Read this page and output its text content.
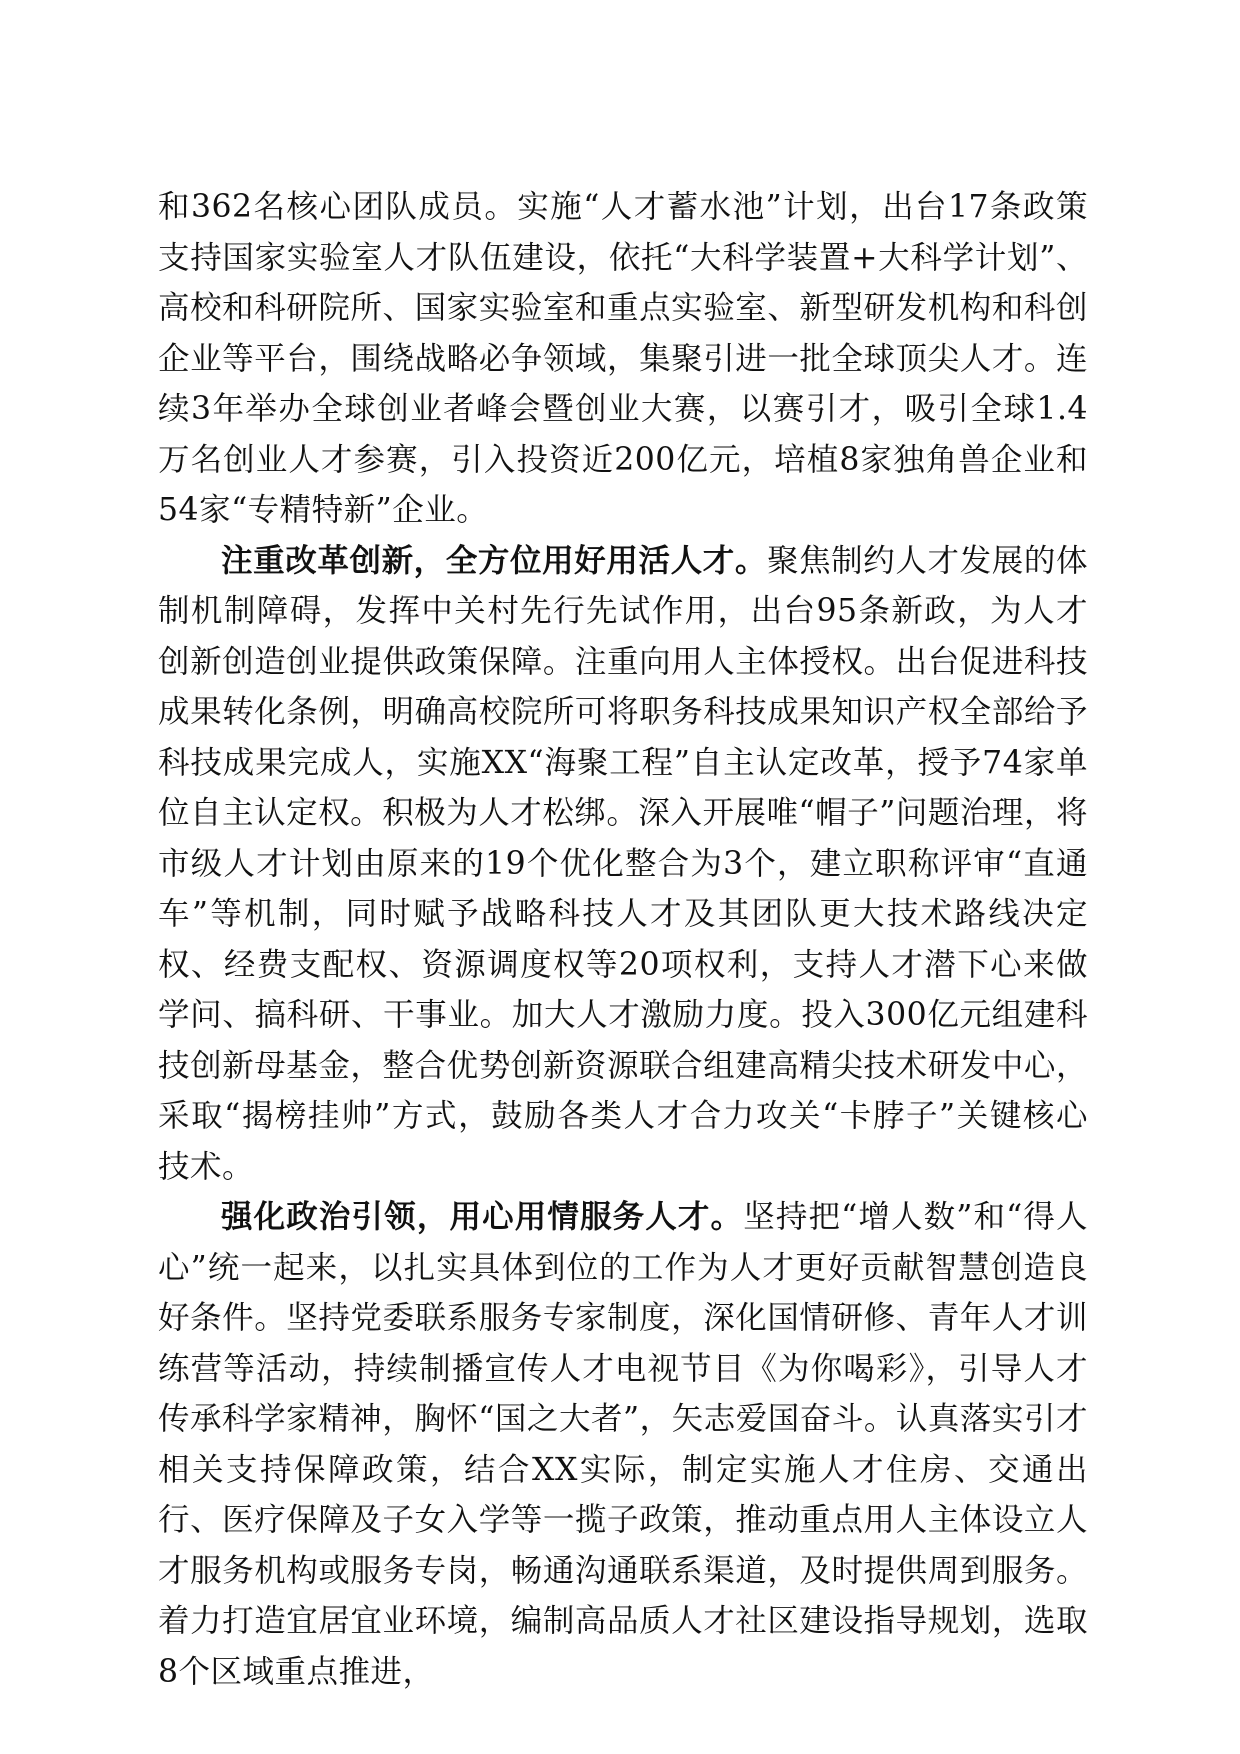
和362名核心团队成员。实施“人才蓄水池”计划，出台17条政策支持国家实验室人才队伍建设，依托“大科学装置+大科学计划”、高校和科研院所、国家实验室和重点实验室、新型研发机构和科创企业等平台，围绕战略必争领域，集聚引进一批全球顶尖人才。连续3年举办全球创业者峰会暨创业大赛，以赛引才，吸引全球1.4万名创业人才参赛，引入投资近200亿元，培植8家独角兽企业和54家“专精特新”企业。

注重改革创新，全方位用好用活人才。聚焦制约人才发展的体制机制障碍，发挥中关村先行先试作用，出台95条新政，为人才创新创造创业提供政策保障。注重向用人主体授权。出台促进科技成果转化条例，明确高校院所可将职务科技成果知识产权全部给予科技成果完成人，实施XX“海聚工程”自主认定改革，授予74家单位自主认定权。积极为人才松绑。深入开展唯“帽子”问题治理，将市级人才计划由原来的19个优化整合为3个，建立职称评审“直通车”等机制，同时赋予战略科技人才及其团队更大技术路线决定权、经费支配权、资源调度权等20项权利，支持人才潜下心来做学问、搞科研、干事业。加大人才激励力度。投入300亿元组建科技创新母基金，整合优势创新资源联合组建高精尖技术研发中心，采取“揭榜挂帅”方式，鼓励各类人才合力攻关“卡脖子”关键核心技术。

强化政治引领，用心用情服务人才。坚持把“增人数”和“得人心”统一起来，以扎实具体到位的工作为人才更好贡献智慧创造良好条件。坚持党委联系服务专家制度，深化国情研修、青年人才训练营等活动，持续制播宣传人才电视节目《为你喝彩》，引导人才传承科学家精神，胸怀“国之大者”，矢志爱国奋斗。认真落实引才相关支持保障政策，结合XX实际，制定实施人才住房、交通出行、医疗保障及子女入学等一揽子政策，推动重点用人主体设立人才服务机构或服务专岗，畅通沟通联系渠道，及时提供周到服务。着力打造宜居宜业环境，编制高品质人才社区建设指导规划，选取8个区域重点推进，
